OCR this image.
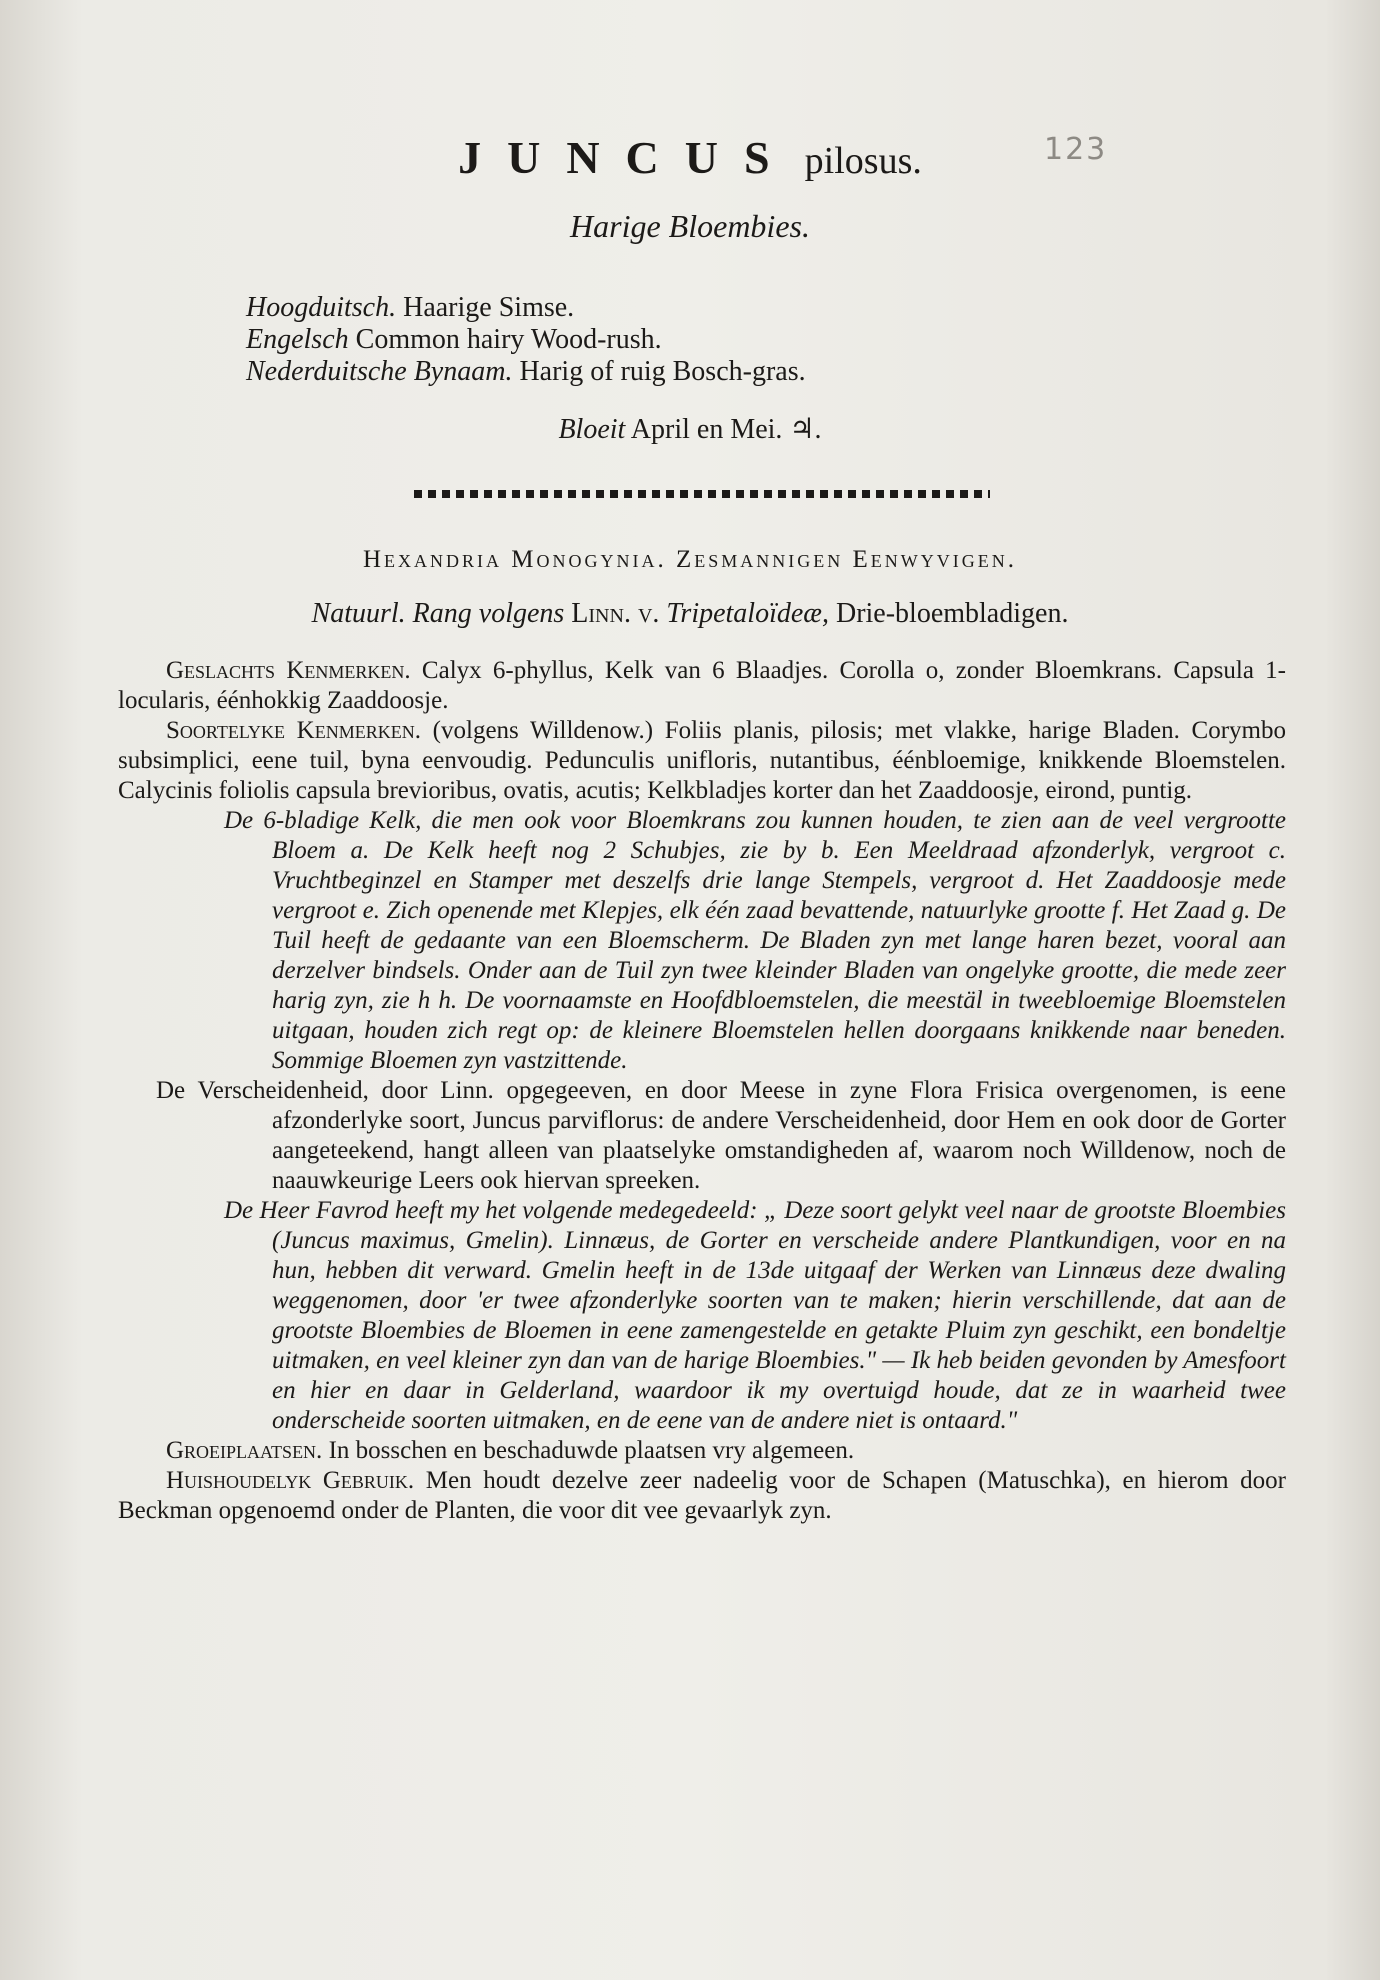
JUNCUS pilosus.	123
Harige Bloembies.
Hoogduitsch. Haarige Simse.
Engelsch Common hairy Wood-rush.
Nederduitsche Bynaam. Harig of ruig Bosch-gras.
Bloeit April en Mei. ♃.
Hexandria Monogynia. Zesmannigen Eenwyvigen.
Natuurl. Rang volgens Linn. v. Tripetaloïdeæ, Drie-bloembladigen.

Geslachts Kenmerken. Calyx 6-phyllus, Kelk van 6 Blaadjes. Corolla o, zonder Bloemkrans. Capsula 1-locularis, éénhokkig Zaaddoosje.

Soortelyke Kenmerken. (volgens Willdenow.) Foliis planis, pilosis; met vlakke, harige Bladen. Corymbo subsimplici, eene tuil, byna eenvoudig. Pedunculis unifloris, nutantibus, éénbloemige, knikkende Bloemstelen. Calycinis foliolis capsula brevioribus, ovatis, acutis; Kelkbladjes korter dan het Zaaddoosje, eirond, puntig.

De 6-bladige Kelk, die men ook voor Bloemkrans zou kunnen houden, te zien aan de veel vergrootte Bloem a. De Kelk heeft nog 2 Schubjes, zie by b. Een Meeldraad afzonderlyk, vergroot c. Vruchtbeginzel en Stamper met deszelfs drie lange Stempels, vergroot d. Het Zaaddoosje mede vergroot e. Zich openende met Klepjes, elk één zaad bevattende, natuurlyke grootte f. Het Zaad g. De Tuil heeft de gedaante van een Bloemscherm. De Bladen zyn met lange haren bezet, vooral aan derzelver bindsels. Onder aan de Tuil zyn twee kleinder Bladen van ongelyke grootte, die mede zeer harig zyn, zie h h. De voornaamste en Hoofdbloemstelen, die meestäl in tweebloemige Bloemstelen uitgaan, houden zich regt op: de kleinere Bloemstelen hellen doorgaans knikkende naar beneden. Sommige Bloemen zyn vastzittende.

De Verscheidenheid, door Linn. opgegeeven, en door Meese in zyne Flora Frisica overgenomen, is eene afzonderlyke soort, Juncus parviflorus: de andere Verscheidenheid, door Hem en ook door de Gorter aangeteekend, hangt alleen van plaatselyke omstandigheden af, waarom noch Willdenow, noch de naauwkeurige Leers ook hiervan spreeken.

De Heer Favrod heeft my het volgende medegedeeld: „ Deze soort gelykt veel naar de grootste Bloembies (Juncus maximus, Gmelin). Linnæus, de Gorter en verscheide andere Plantkundigen, voor en na hun, hebben dit verward. Gmelin heeft in de 13de uitgaaf der Werken van Linnæus deze dwaling weggenomen, door 'er twee afzonderlyke soorten van te maken; hierin verschillende, dat aan de grootste Bloembies de Bloemen in eene zamengestelde en getakte Pluim zyn geschikt, een bondeltje uitmaken, en veel kleiner zyn dan van de harige Bloembies." — Ik heb beiden gevonden by Amesfoort en hier en daar in Gelderland, waardoor ik my overtuigd houde, dat ze in waarheid twee onderscheide soorten uitmaken, en de eene van de andere niet is ontaard."

Groeiplaatsen. In bosschen en beschaduwde plaatsen vry algemeen.

Huishoudelyk Gebruik. Men houdt dezelve zeer nadeelig voor de Schapen (Matuschka), en hierom door Beckman opgenoemd onder de Planten, die voor dit vee gevaarlyk zyn.
